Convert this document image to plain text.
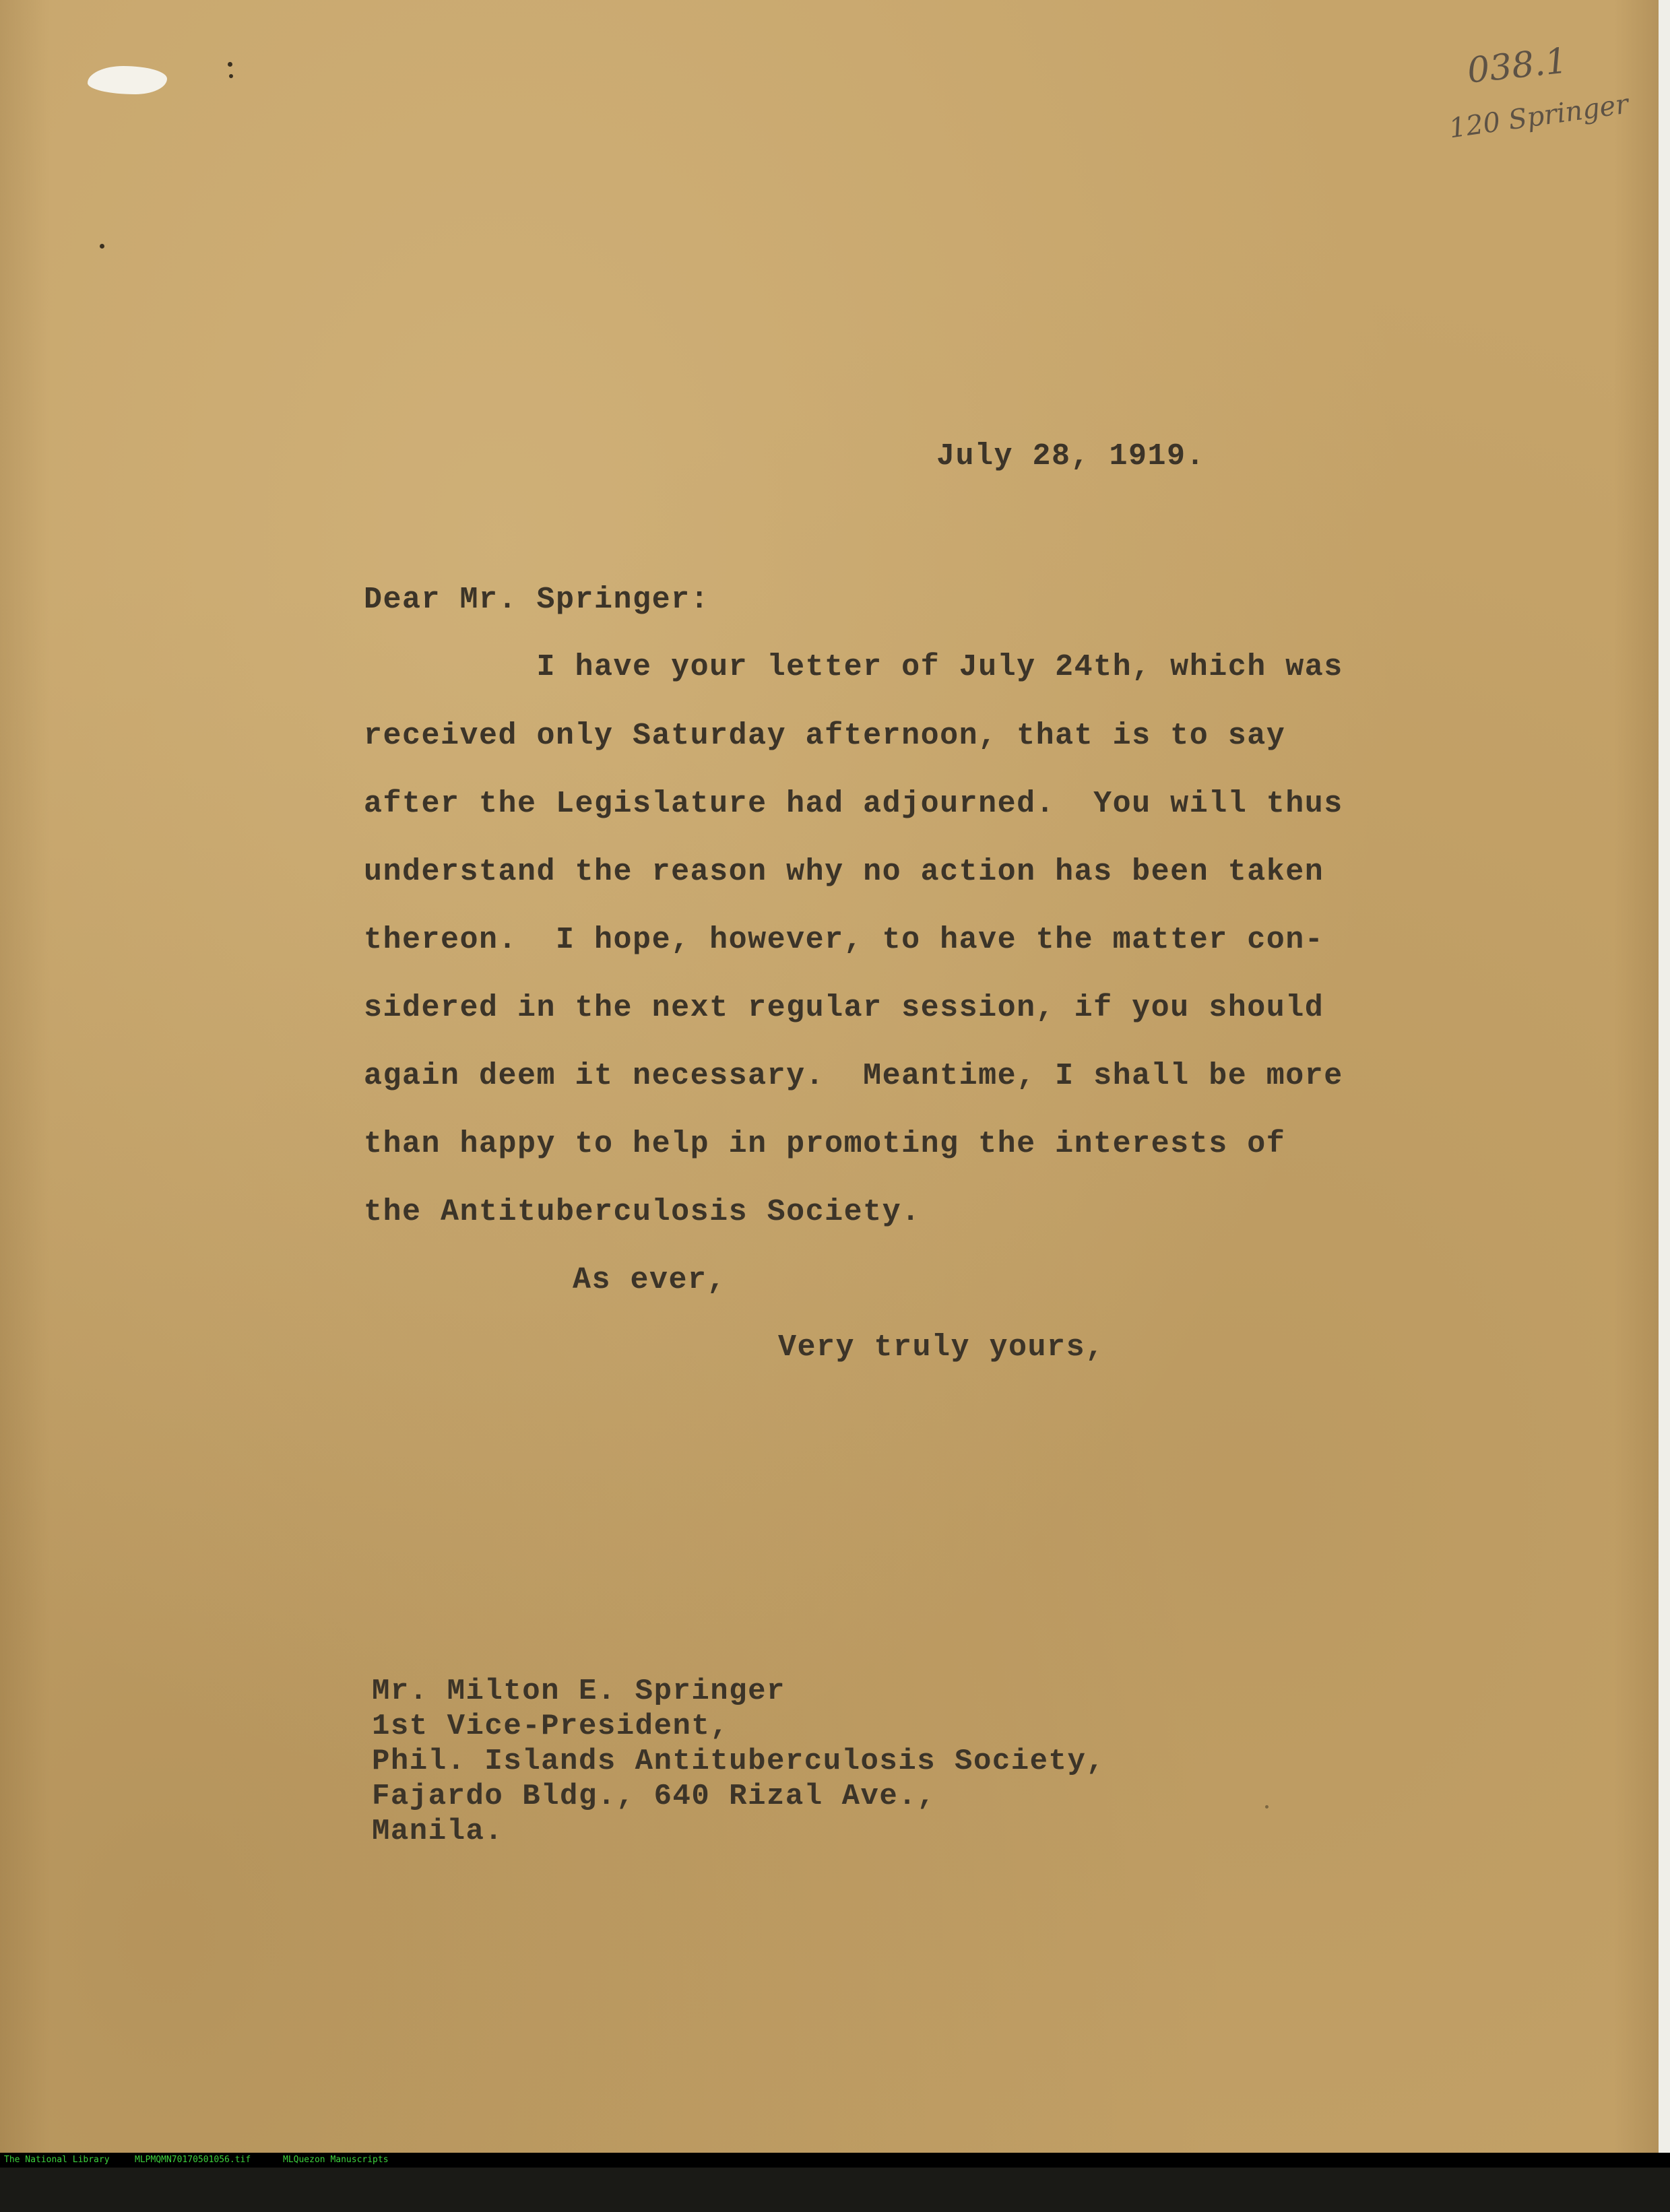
038.1
120 Springer
July 28, 1919.
Dear Mr. Springer:
I have your letter of July 24th, which was
received only Saturday afternoon, that is to say
after the Legislature had adjourned.  You will thus
understand the reason why no action has been taken
thereon.  I hope, however, to have the matter con-
sidered in the next regular session, if you should
again deem it necessary.  Meantime, I shall be more
than happy to help in promoting the interests of
the Antituberculosis Society.
As ever,
Very truly yours,
Mr. Milton E. Springer
1st Vice-President,
Phil. Islands Antituberculosis Society,
Fajardo Bldg., 640 Rizal Ave.,
Manila.

The National Library

	MLPMQMN70170501056.tif

	MLQuezon Manuscripts
